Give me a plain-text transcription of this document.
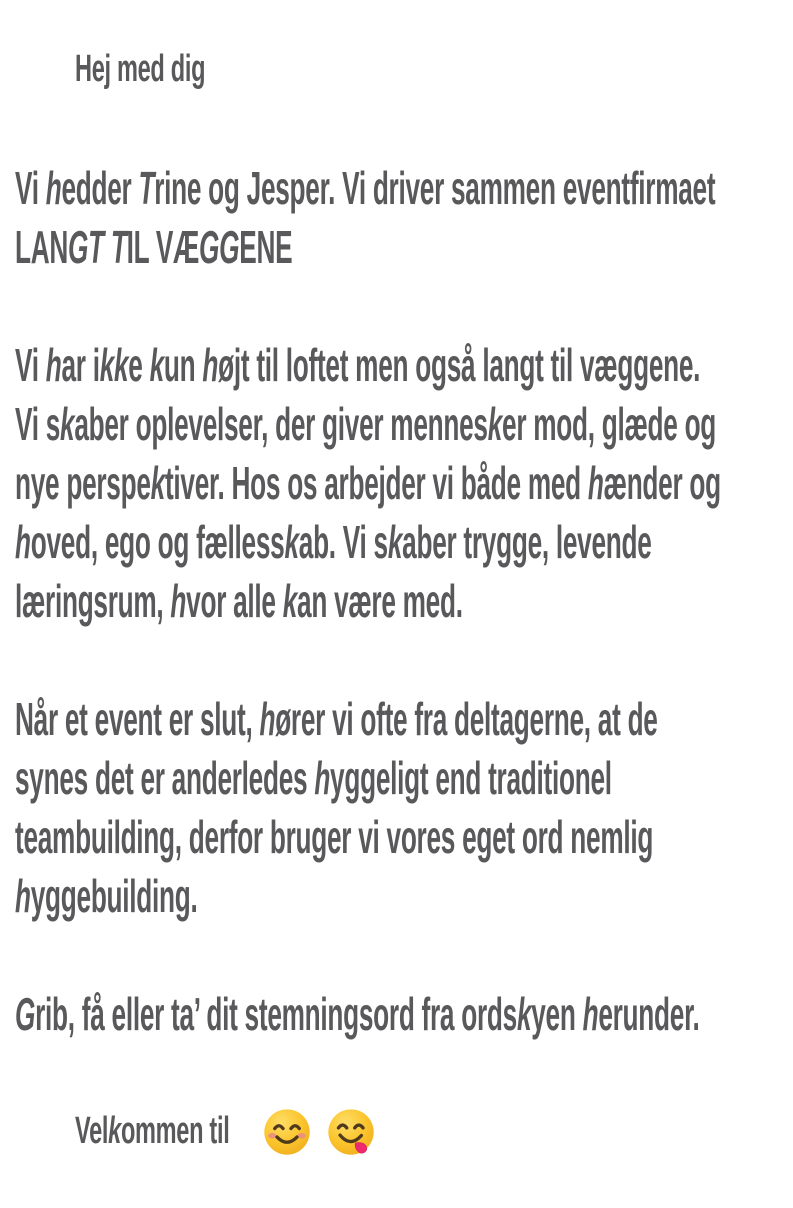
Hej med dig
Vi hedder Trine og Jesper. Vi driver sammen eventfirmaet
LANGT TIL VÆGGENE
Vi har ikke kun højt til loftet men også langt til væggene.
Vi skaber oplevelser, der giver mennesker mod, glæde og
nye perspektiver. Hos os arbejder vi både med hænder og
hoved, ego og fællesskab. Vi skaber trygge, levende
læringsrum, hvor alle kan være med.
Når et event er slut, hører vi ofte fra deltagerne, at de
synes det er anderledes hyggeligt end traditionel
teambuilding, derfor bruger vi vores eget ord nemlig
hyggebuilding.
Grib, få eller ta’ dit stemningsord fra ordskyen herunder.
Velkommen til
